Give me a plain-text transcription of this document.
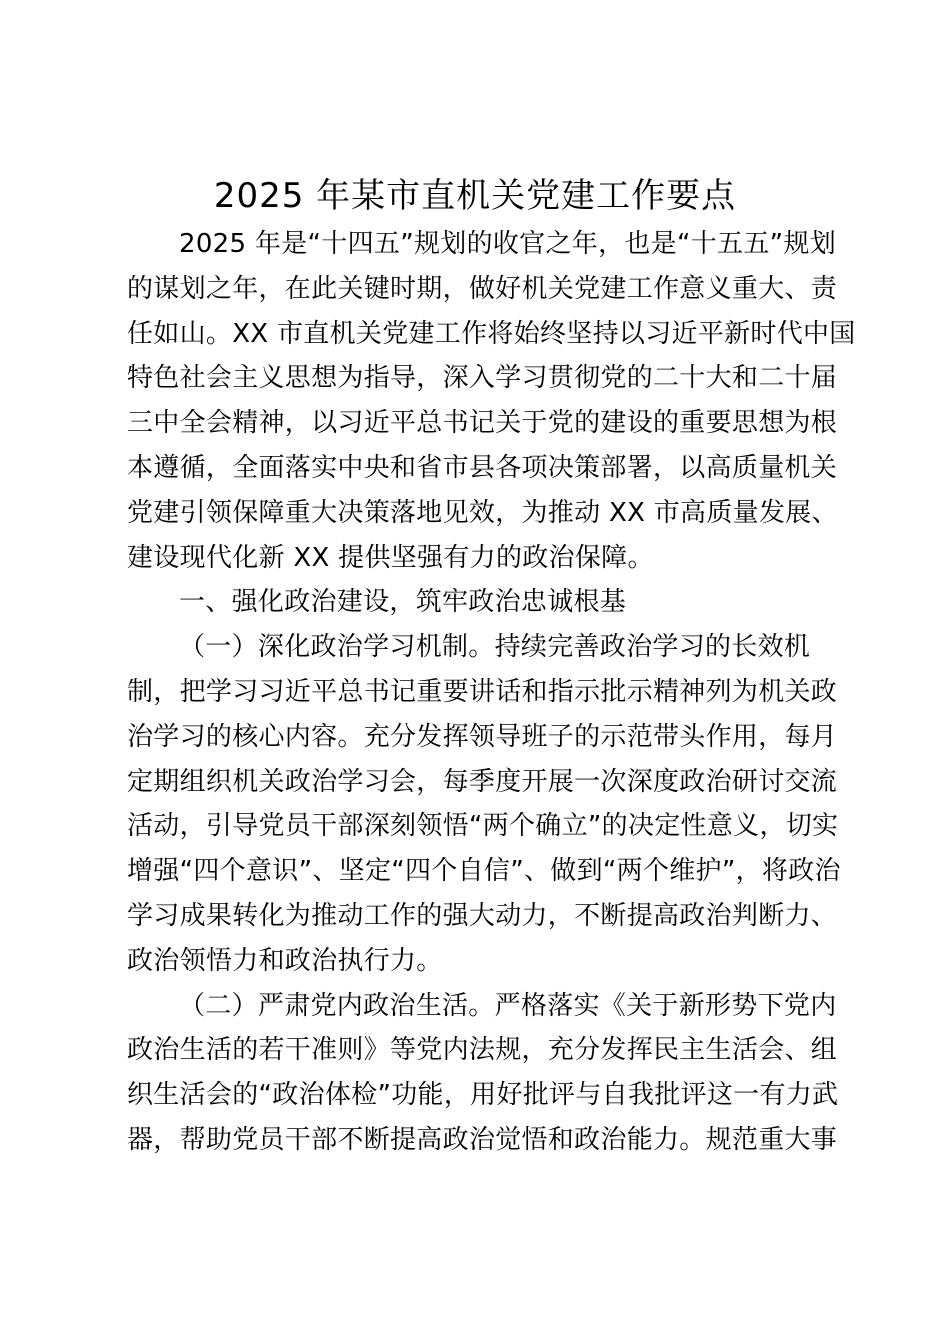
2025 年某市直机关党建工作要点
2025 年是“十四五”规划的收官之年，也是“十五五”规划
的谋划之年，在此关键时期，做好机关党建工作意义重大、责
任如山。XX 市直机关党建工作将始终坚持以习近平新时代中国
特色社会主义思想为指导，深入学习贯彻党的二十大和二十届
三中全会精神，以习近平总书记关于党的建设的重要思想为根
本遵循，全面落实中央和省市县各项决策部署，以高质量机关
党建引领保障重大决策落地见效，为推动 XX 市高质量发展、
建设现代化新 XX 提供坚强有力的政治保障。
一、强化政治建设，筑牢政治忠诚根基
（一）深化政治学习机制。持续完善政治学习的长效机
制，把学习习近平总书记重要讲话和指示批示精神列为机关政
治学习的核心内容。充分发挥领导班子的示范带头作用，每月
定期组织机关政治学习会，每季度开展一次深度政治研讨交流
活动，引导党员干部深刻领悟“两个确立”的决定性意义，切实
增强“四个意识”、坚定“四个自信”、做到“两个维护”，将政治
学习成果转化为推动工作的强大动力，不断提高政治判断力、
政治领悟力和政治执行力。
（二）严肃党内政治生活。严格落实《关于新形势下党内
政治生活的若干准则》等党内法规，充分发挥民主生活会、组
织生活会的“政治体检”功能，用好批评与自我批评这一有力武
器，帮助党员干部不断提高政治觉悟和政治能力。规范重大事
